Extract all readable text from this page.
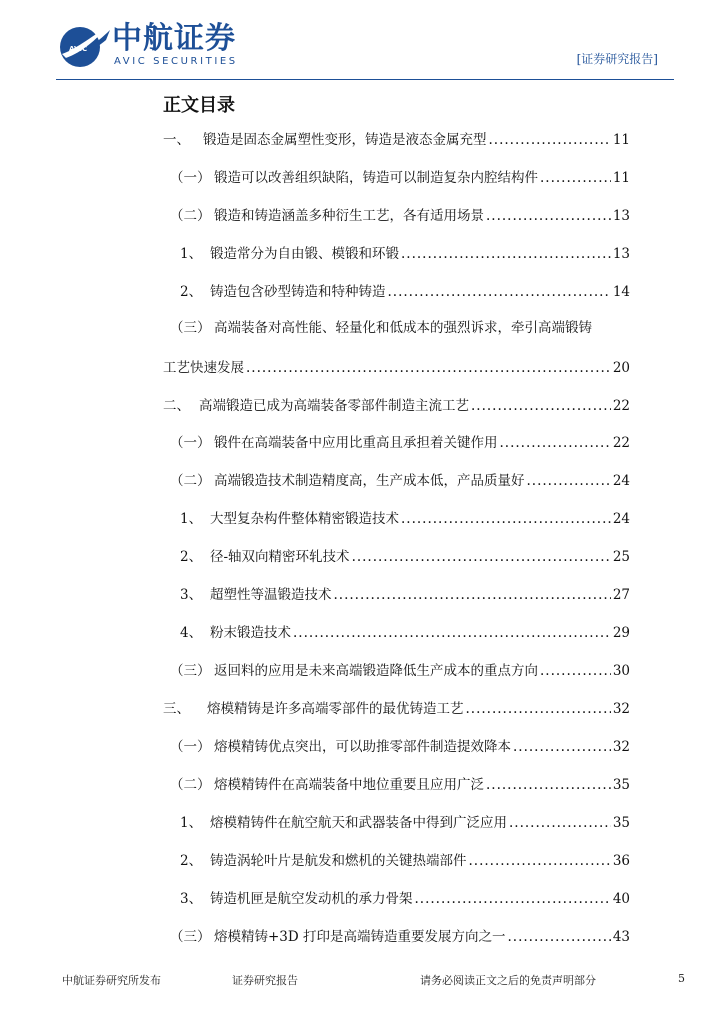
AVIC 中航证券
AVIC SECURITIES	[证券研究报告]
正文目录
一、 锻造是固态金属塑性变形，铸造是液态金属充型 .....	11
（一） 锻造可以改善组织缺陷，铸造可以制造复杂内腔结构件 .....	11
（二） 锻造和铸造涵盖多种衍生工艺，各有适用场景 .....	13
1、 锻造常分为自由锻、模锻和环锻 .....	13
2、 铸造包含砂型铸造和特种铸造 .....	14
（三） 高端装备对高性能、轻量化和低成本的强烈诉求，牵引高端锻铸
工艺快速发展 .....	20
二、 高端锻造已成为高端装备零部件制造主流工艺 .....	22
（一） 锻件在高端装备中应用比重高且承担着关键作用 .....	22
（二） 高端锻造技术制造精度高，生产成本低，产品质量好 .....	24
1、 大型复杂构件整体精密锻造技术 .....	24
2、 径-轴双向精密环轧技术 .....	25
3、 超塑性等温锻造技术 .....	27
4、 粉末锻造技术 .....	29
（三） 返回料的应用是未来高端锻造降低生产成本的重点方向 .....	30
三、	熔模精铸是许多高端零部件的最优铸造工艺 .....	32
（一） 熔模精铸优点突出，可以助推零部件制造提效降本 .....	32
（二） 熔模精铸件在高端装备中地位重要且应用广泛 .....	35
1、 熔模精铸件在航空航天和武器装备中得到广泛应用 .....	35
2、 铸造涡轮叶片是航发和燃机的关键热端部件 .....	36
3、 铸造机匣是航空发动机的承力骨架 .....	40
（三） 熔模精铸+3D 打印是高端铸造重要发展方向之一 .....	43
中航证券研究所发布	证券研究报告	请务必阅读正文之后的免责声明部分	5
